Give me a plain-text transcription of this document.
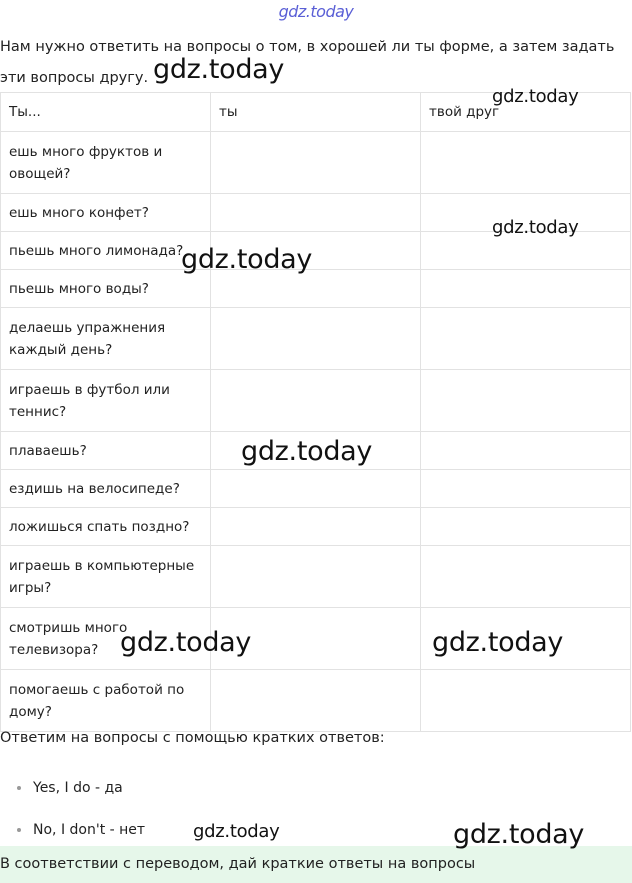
gdz.today

Нам нужно ответить на вопросы о том, в хорошей ли ты форме, а затем задать эти вопросы другу.

Ты...	ты	твой друг
ешь много фруктов и овощей?		
ешь много конфет?		
пьешь много лимонада?		
пьешь много воды?		
делаешь упражнения каждый день?		
играешь в футбол или теннис?		
плаваешь?		
ездишь на велосипеде?		
ложишься спать поздно?		
играешь в компьютерные игры?		
смотришь много телевизора?		
помогаешь с работой по дому?		

Ответим на вопросы с помощью кратких ответов:

Yes, I do - да
No, I don't - нет
В соответствии с переводом, дай краткие ответы на вопросы
gdz.today
gdz.today
gdz.today
gdz.today
gdz.today
gdz.today	gdz.today
gdz.today	gdz.today
